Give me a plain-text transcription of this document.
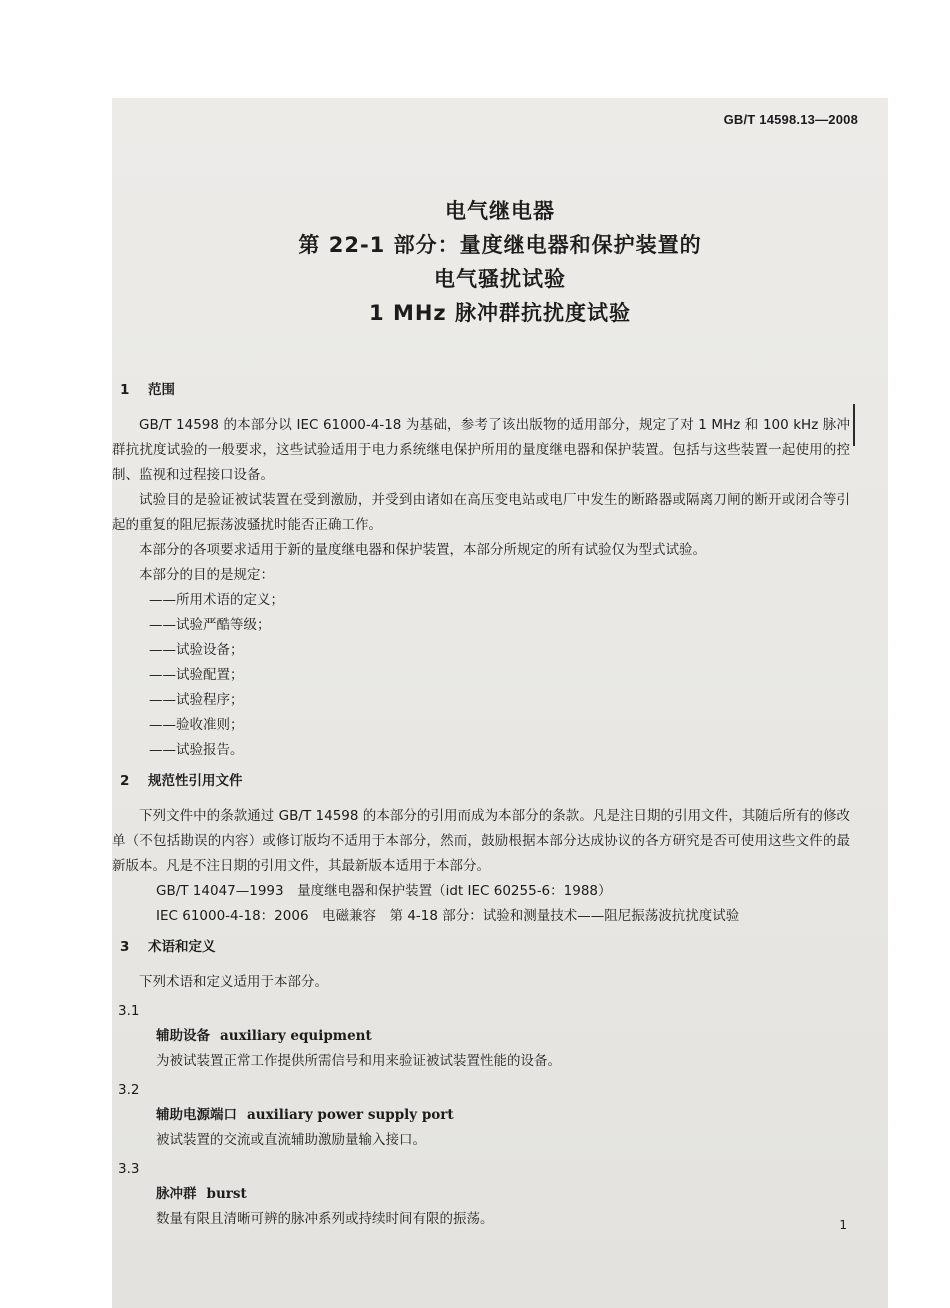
GB/T 14598.13—2008
电气继电器
第 22-1 部分：量度继电器和保护装置的
电气骚扰试验
1 MHz 脉冲群抗扰度试验
1 范围

GB/T 14598 的本部分以 IEC 61000-4-18 为基础，参考了该出版物的适用部分，规定了对 1 MHz 和 100 kHz 脉冲群抗扰度试验的一般要求，这些试验适用于电力系统继电保护所用的量度继电器和保护装置。包括与这些装置一起使用的控制、监视和过程接口设备。

试验目的是验证被试装置在受到激励，并受到由诸如在高压变电站或电厂中发生的断路器或隔离刀闸的断开或闭合等引起的重复的阻尼振荡波骚扰时能否正确工作。

本部分的各项要求适用于新的量度继电器和保护装置，本部分所规定的所有试验仅为型式试验。

本部分的目的是规定：

——所用术语的定义；
——试验严酷等级；
——试验设备；
——试验配置；
——试验程序；
——验收准则；
——试验报告。
2 规范性引用文件

下列文件中的条款通过 GB/T 14598 的本部分的引用而成为本部分的条款。凡是注日期的引用文件，其随后所有的修改单（不包括勘误的内容）或修订版均不适用于本部分，然而，鼓励根据本部分达成协议的各方研究是否可使用这些文件的最新版本。凡是不注日期的引用文件，其最新版本适用于本部分。

GB/T 14047—1993　量度继电器和保护装置（idt IEC 60255-6：1988）
IEC 61000-4-18：2006　电磁兼容　第 4-18 部分：试验和测量技术——阻尼振荡波抗扰度试验
3 术语和定义

下列术语和定义适用于本部分。

3.1
辅助设备 auxiliary equipment
为被试装置正常工作提供所需信号和用来验证被试装置性能的设备。
3.2
辅助电源端口 auxiliary power supply port
被试装置的交流或直流辅助激励量输入接口。
3.3
脉冲群 burst
数量有限且清晰可辨的脉冲系列或持续时间有限的振荡。	1
